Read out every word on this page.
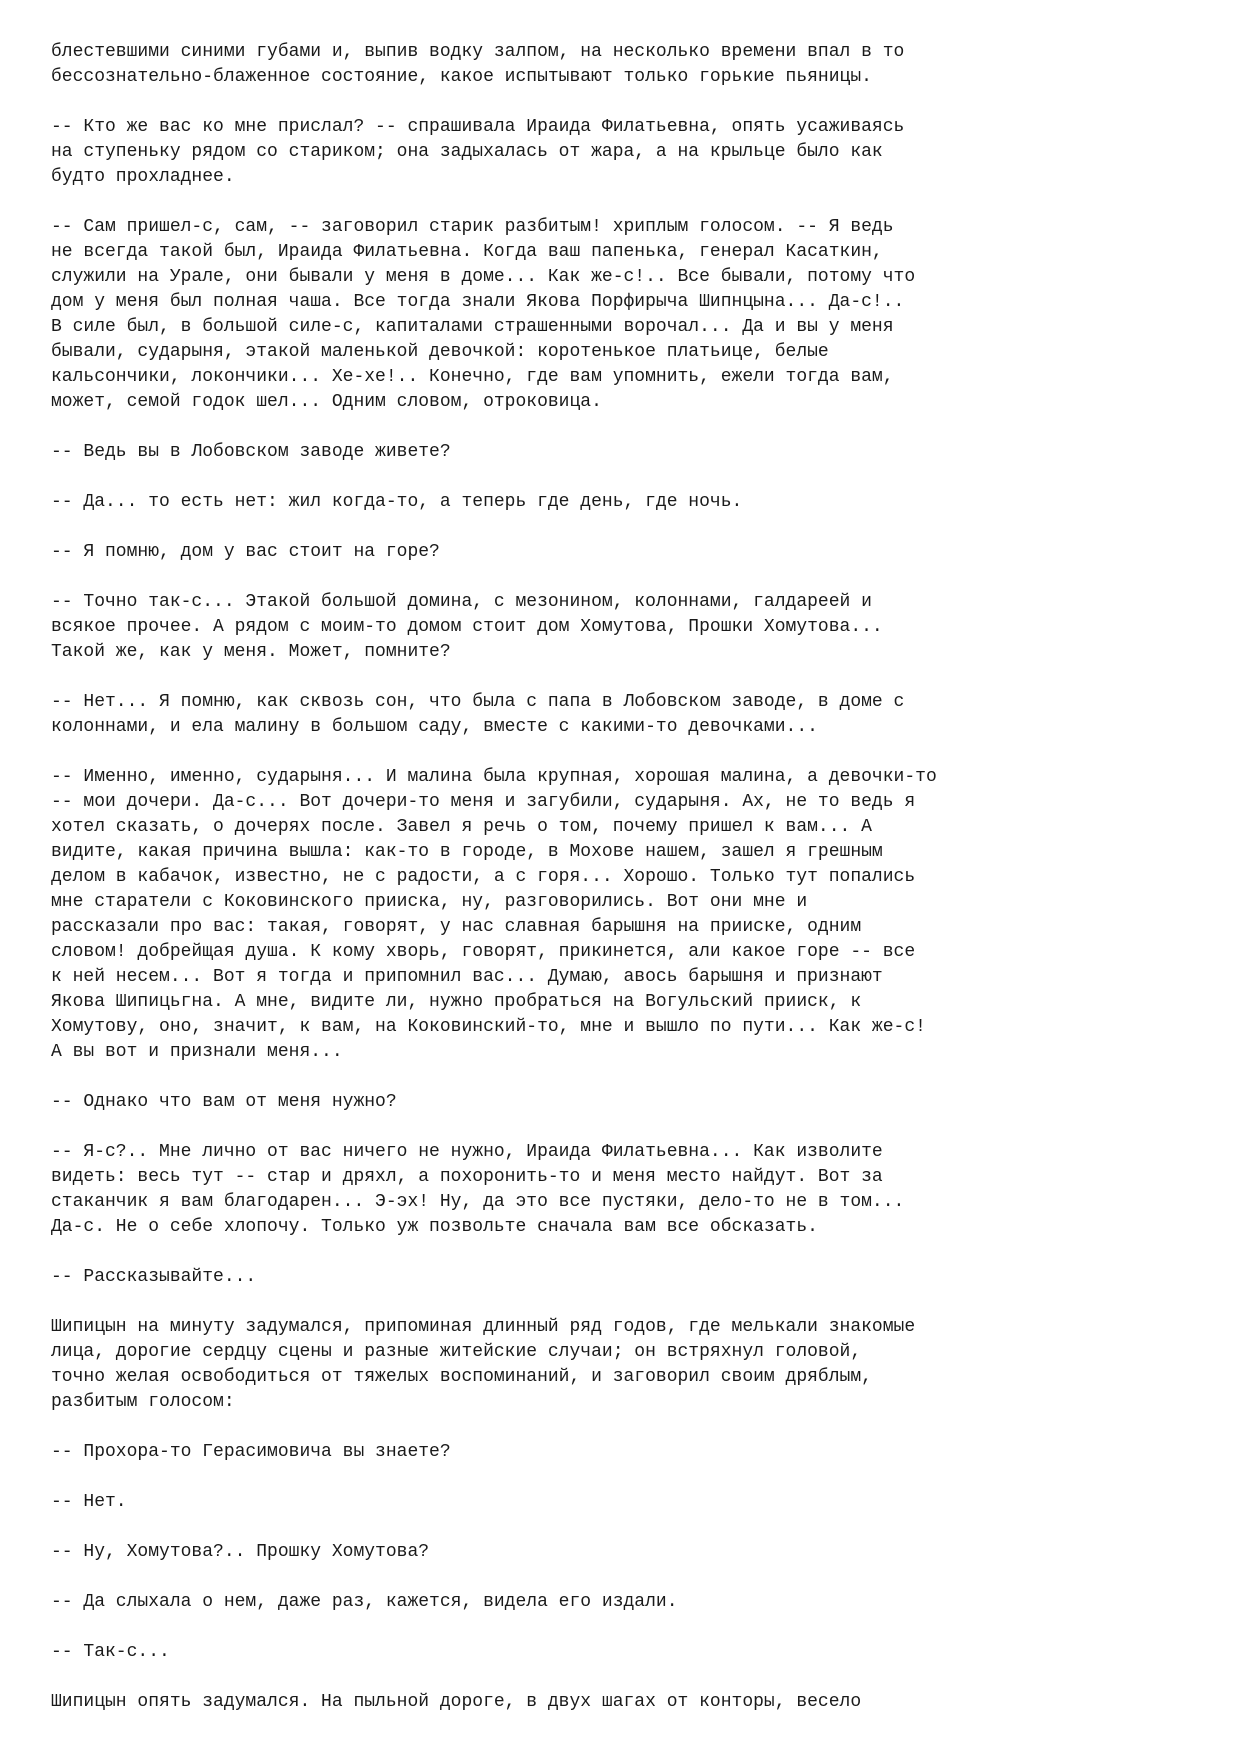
блестевшими синими губами и, выпив водку залпом, на несколько времени впал в то
бессознательно-блаженное состояние, какое испытывают только горькие пьяницы.
-- Кто же вас ко мне прислал? -- спрашивала Ираида Филатьевна, опять усаживаясь
на ступеньку рядом со стариком; она задыхалась от жара, а на крыльце было как
будто прохладнее.
-- Сам пришел-с, сам, -- заговорил старик разбитым! хриплым голосом. -- Я ведь
не всегда такой был, Ираида Филатьевна. Когда ваш папенька, генерал Касаткин,
служили на Урале, они бывали у меня в доме... Как же-с!.. Все бывали, потому что
дом у меня был полная чаша. Все тогда знали Якова Порфирыча Шипнцына... Да-с!..
В силе был, в большой силе-с, капиталами страшенными ворочал... Да и вы у меня
бывали, сударыня, этакой маленькой девочкой: коротенькое платьице, белые
кальсончики, локончики... Хе-хе!.. Конечно, где вам упомнить, ежели тогда вам,
может, семой годок шел... Одним словом, отроковица.
-- Ведь вы в Лобовском заводе живете?
-- Да... то есть нет: жил когда-то, а теперь где день, где ночь.
-- Я помню, дом у вас стоит на горе?
-- Точно так-с... Этакой большой домина, с мезонином, колоннами, галдареей и
всякое прочее. А рядом с моим-то домом стоит дом Хомутова, Прошки Хомутова...
Такой же, как у меня. Может, помните?
-- Нет... Я помню, как сквозь сон, что была с папа в Лобовском заводе, в доме с
колоннами, и ела малину в большом саду, вместе с какими-то девочками...
-- Именно, именно, сударыня... И малина была крупная, хорошая малина, а девочки-то
-- мои дочери. Да-с... Вот дочери-то меня и загубили, сударыня. Ах, не то ведь я
хотел сказать, о дочерях после. Завел я речь о том, почему пришел к вам... А
видите, какая причина вышла: как-то в городе, в Мохове нашем, зашел я грешным
делом в кабачок, известно, не с радости, а с горя... Хорошо. Только тут попались
мне старатели с Коковинского прииска, ну, разговорились. Вот они мне и
рассказали про вас: такая, говорят, у нас славная барышня на прииске, одним
словом! добрейщая душа. К кому хворь, говорят, прикинется, али какое горе -- все
к ней несем... Вот я тогда и припомнил вас... Думаю, авось барышня и признают
Якова Шипицьгна. А мне, видите ли, нужно пробраться на Вогульский прииск, к
Хомутову, оно, значит, к вам, на Коковинский-то, мне и вышло по пути... Как же-с!
А вы вот и признали меня...
-- Однако что вам от меня нужно?
-- Я-с?.. Мне лично от вас ничего не нужно, Ираида Филатьевна... Как изволите
видеть: весь тут -- стар и дряхл, а похоронить-то и меня место найдут. Вот за
стаканчик я вам благодарен... Э-эх! Ну, да это все пустяки, дело-то не в том...
Да-с. Не о себе хлопочу. Только уж позвольте сначала вам все обсказать.
-- Рассказывайте...
Шипицын на минуту задумался, припоминая длинный ряд годов, где мелькали знакомые
лица, дорогие сердцу сцены и разные житейские случаи; он встряхнул головой,
точно желая освободиться от тяжелых воспоминаний, и заговорил своим дряблым,
разбитым голосом:
-- Прохора-то Герасимовича вы знаете?
-- Нет.
-- Ну, Хомутова?.. Прошку Хомутова?
-- Да слыхала о нем, даже раз, кажется, видела его издали.
-- Так-с...
Шипицын опять задумался. На пыльной дороге, в двух шагах от конторы, весело
